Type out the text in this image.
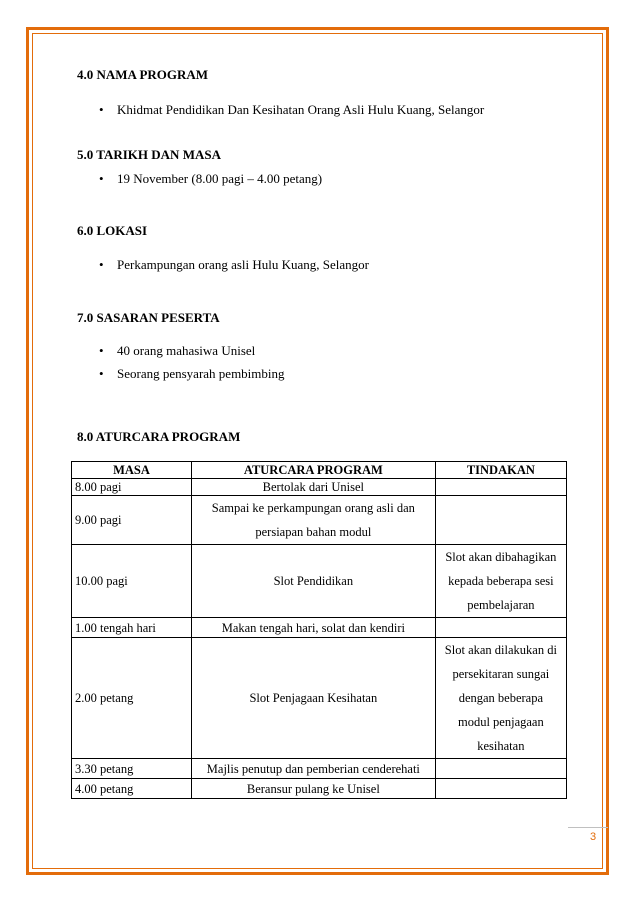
4.0 NAMA PROGRAM
• Khidmat Pendidikan Dan Kesihatan Orang Asli Hulu Kuang, Selangor
5.0 TARIKH DAN MASA
• 19 November (8.00 pagi – 4.00 petang)
6.0 LOKASI
• Perkampungan orang asli Hulu Kuang, Selangor
7.0 SASARAN PESERTA
• 40 orang mahasiwa Unisel
• Seorang pensyarah pembimbing
8.0 ATURCARA PROGRAM
MASA	ATURCARA PROGRAM	TINDAKAN
8.00 pagi	Bertolak dari Unisel	
9.00 pagi	Sampai ke perkampungan orang asli dan
persiapan bahan modul	

10.00 pagi	Slot Pendidikan	Slot akan dibahagikan
kepada beberapa sesi
pembelajaran

1.00 tengah hari	Makan tengah hari, solat dan kendiri	
2.00 petang	Slot Penjagaan Kesihatan	Slot akan dilakukan di
persekitaran sungai
dengan beberapa
modul penjagaan
kesihatan

3.30 petang	Majlis penutup dan pemberian cenderehati	
4.00 petang	Beransur pulang ke Unisel	
3
